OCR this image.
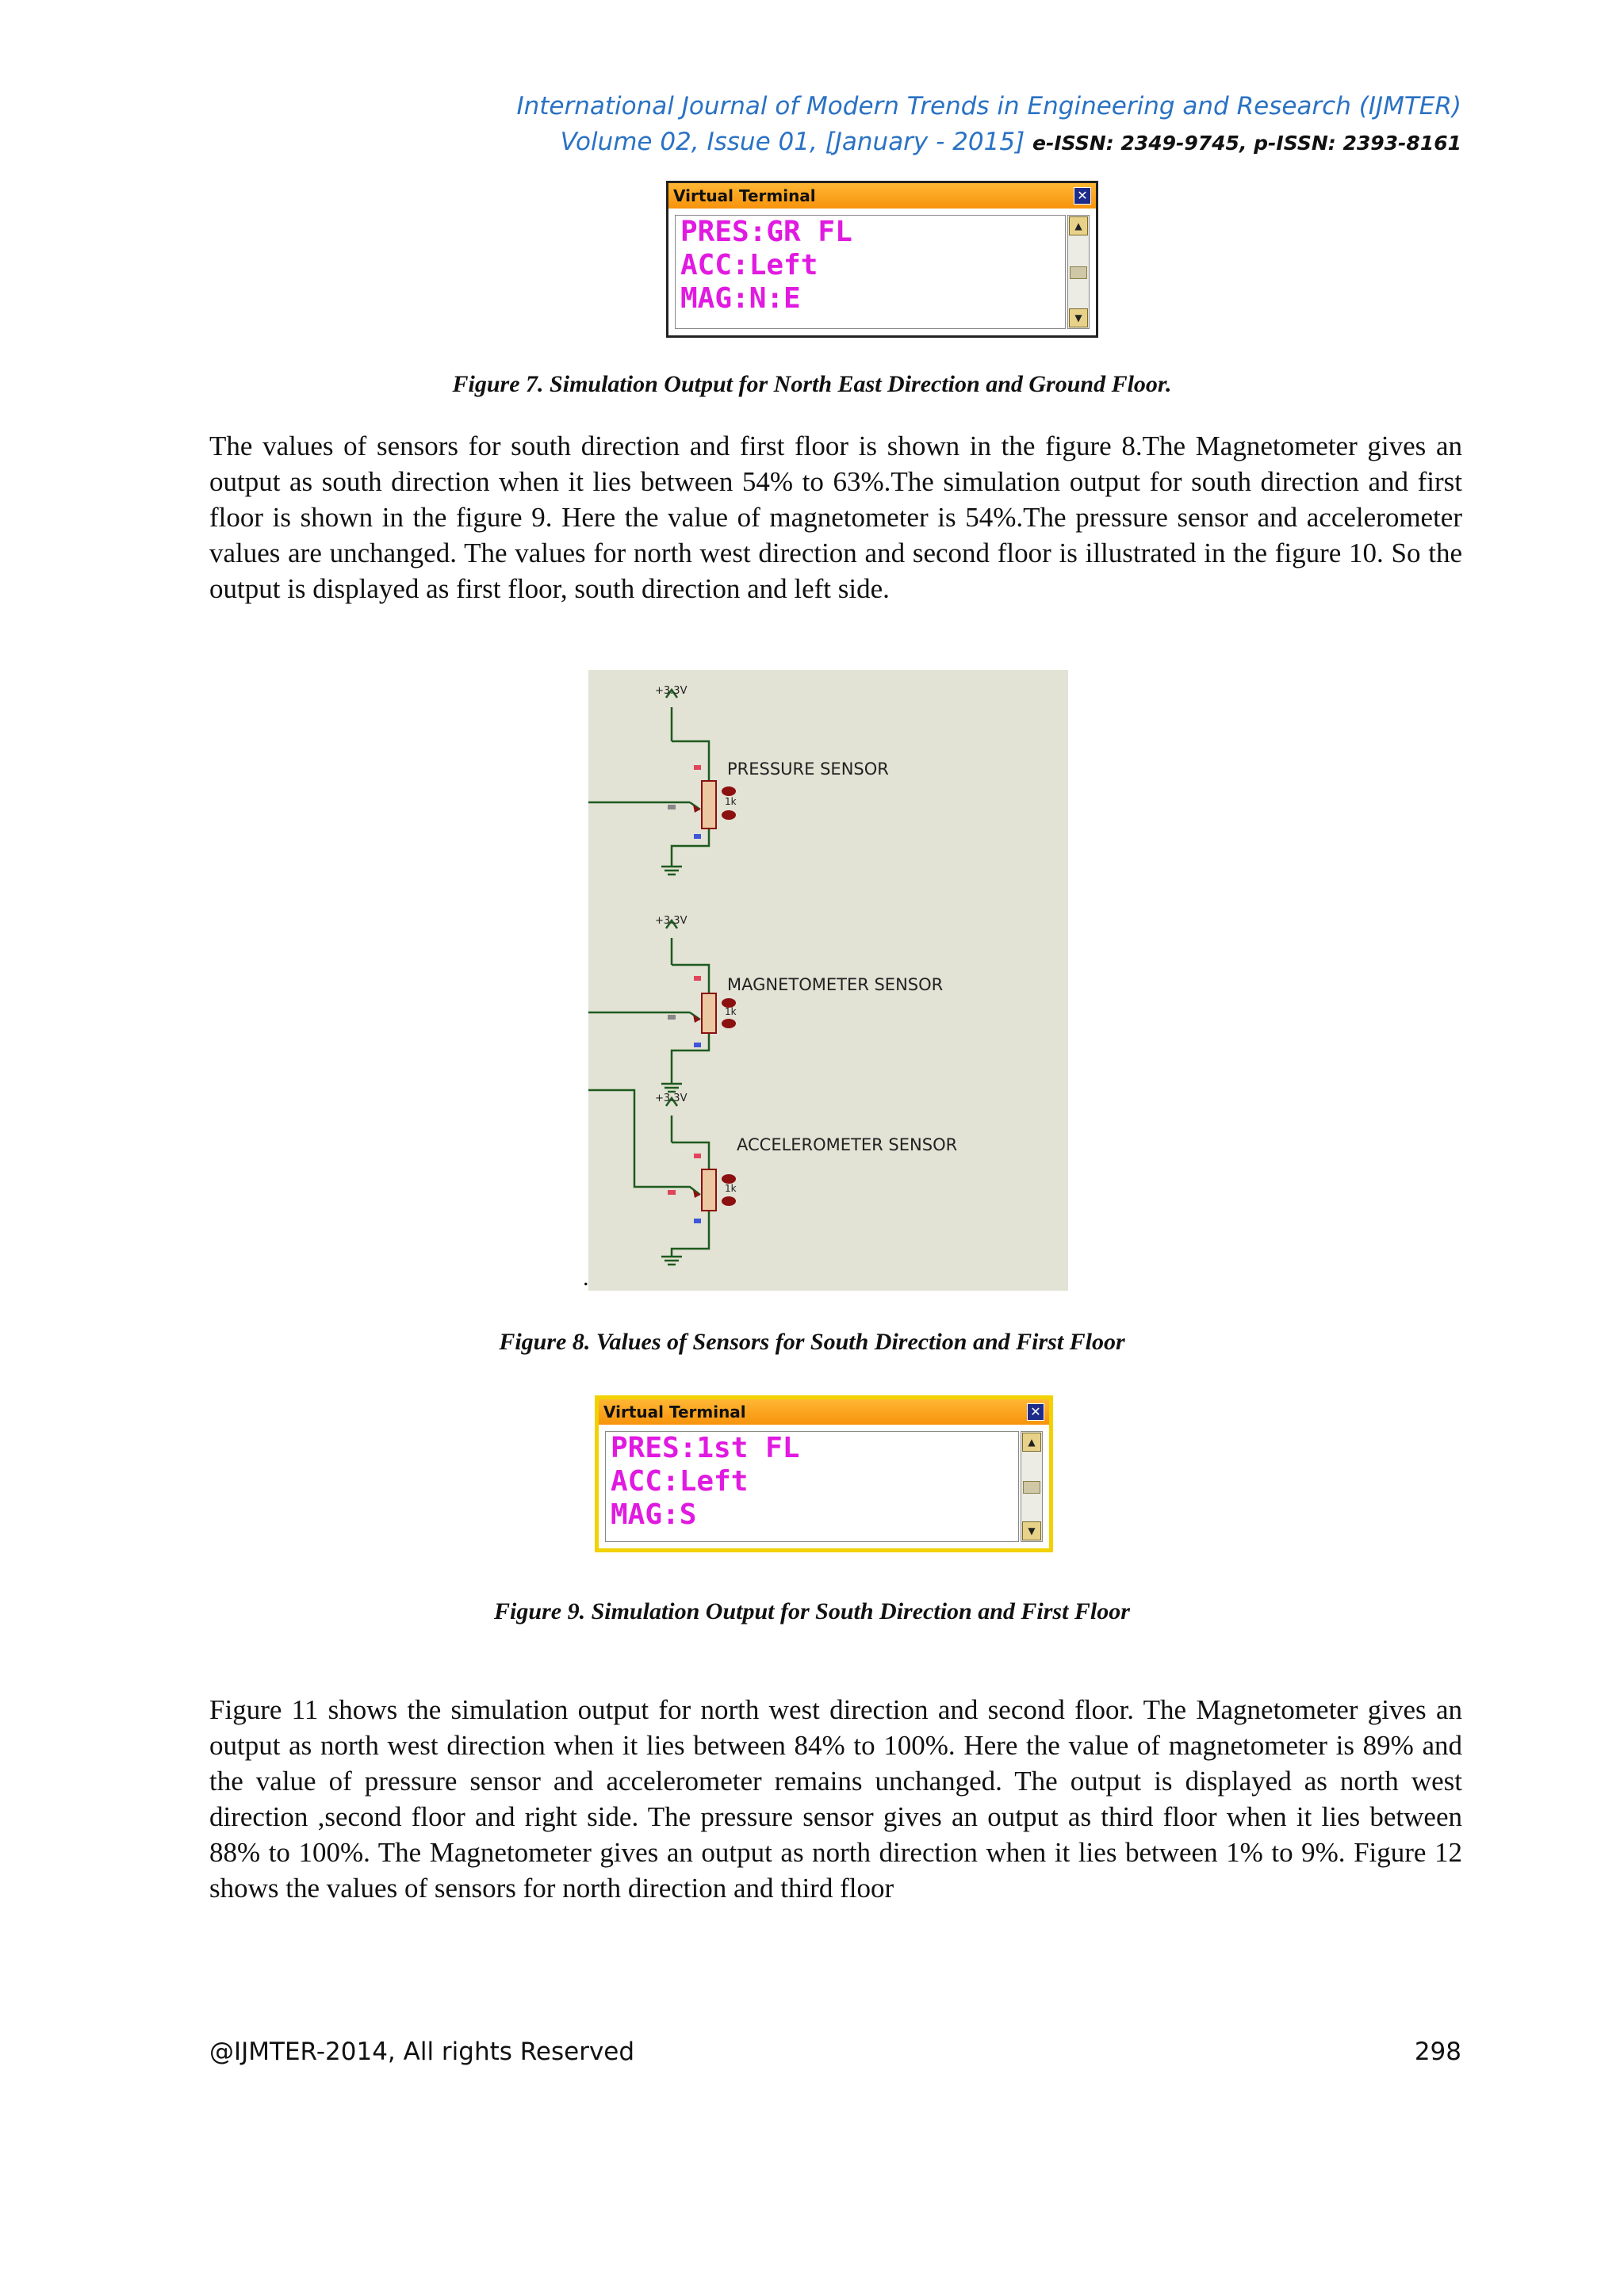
International Journal of Modern Trends in Engineering and Research (IJMTER)
Volume 02, Issue 01, [January - 2015] e-ISSN: 2349-9745, p-ISSN: 2393-8161
Virtual Terminal	✕
PRES:GR FL
ACC:Left
MAG:N:E
▲
▼
Figure 7. Simulation Output for North East Direction and Ground Floor.

The values of sensors for south direction and first floor is shown in the figure 8.The Magnetometer gives an output as south direction when it lies between 54% to 63%.The simulation output for south direction and first floor is shown in the figure 9. Here the value of magnetometer is 54%.The pressure sensor and accelerometer values are unchanged. The values for north west direction and second floor is illustrated in the figure 10. So the output is displayed as first floor, south direction and left side.

+3.3V
+3.3V
+3.3V
1k
1k
1k
PRESSURE SENSOR
MAGNETOMETER SENSOR
ACCELEROMETER SENSOR
.
Figure 8. Values of Sensors for South Direction and First Floor
Virtual Terminal	✕
PRES:1st FL
ACC:Left
MAG:S
▲
▼
Figure 9. Simulation Output for South Direction and First Floor

Figure 11 shows the simulation output for north west direction and second floor. The Magnetometer gives an output as north west direction when it lies between 84% to 100%. Here the value of magnetometer is 89% and the value of pressure sensor and accelerometer remains unchanged. The output is displayed as north west direction ,second floor and right side. The pressure sensor gives an output as third floor when it lies between 88% to 100%. The Magnetometer gives an output as north direction when it lies between 1% to 9%. Figure 12 shows the values of sensors for north direction and third floor

@IJMTER-2014, All rights Reserved	298
